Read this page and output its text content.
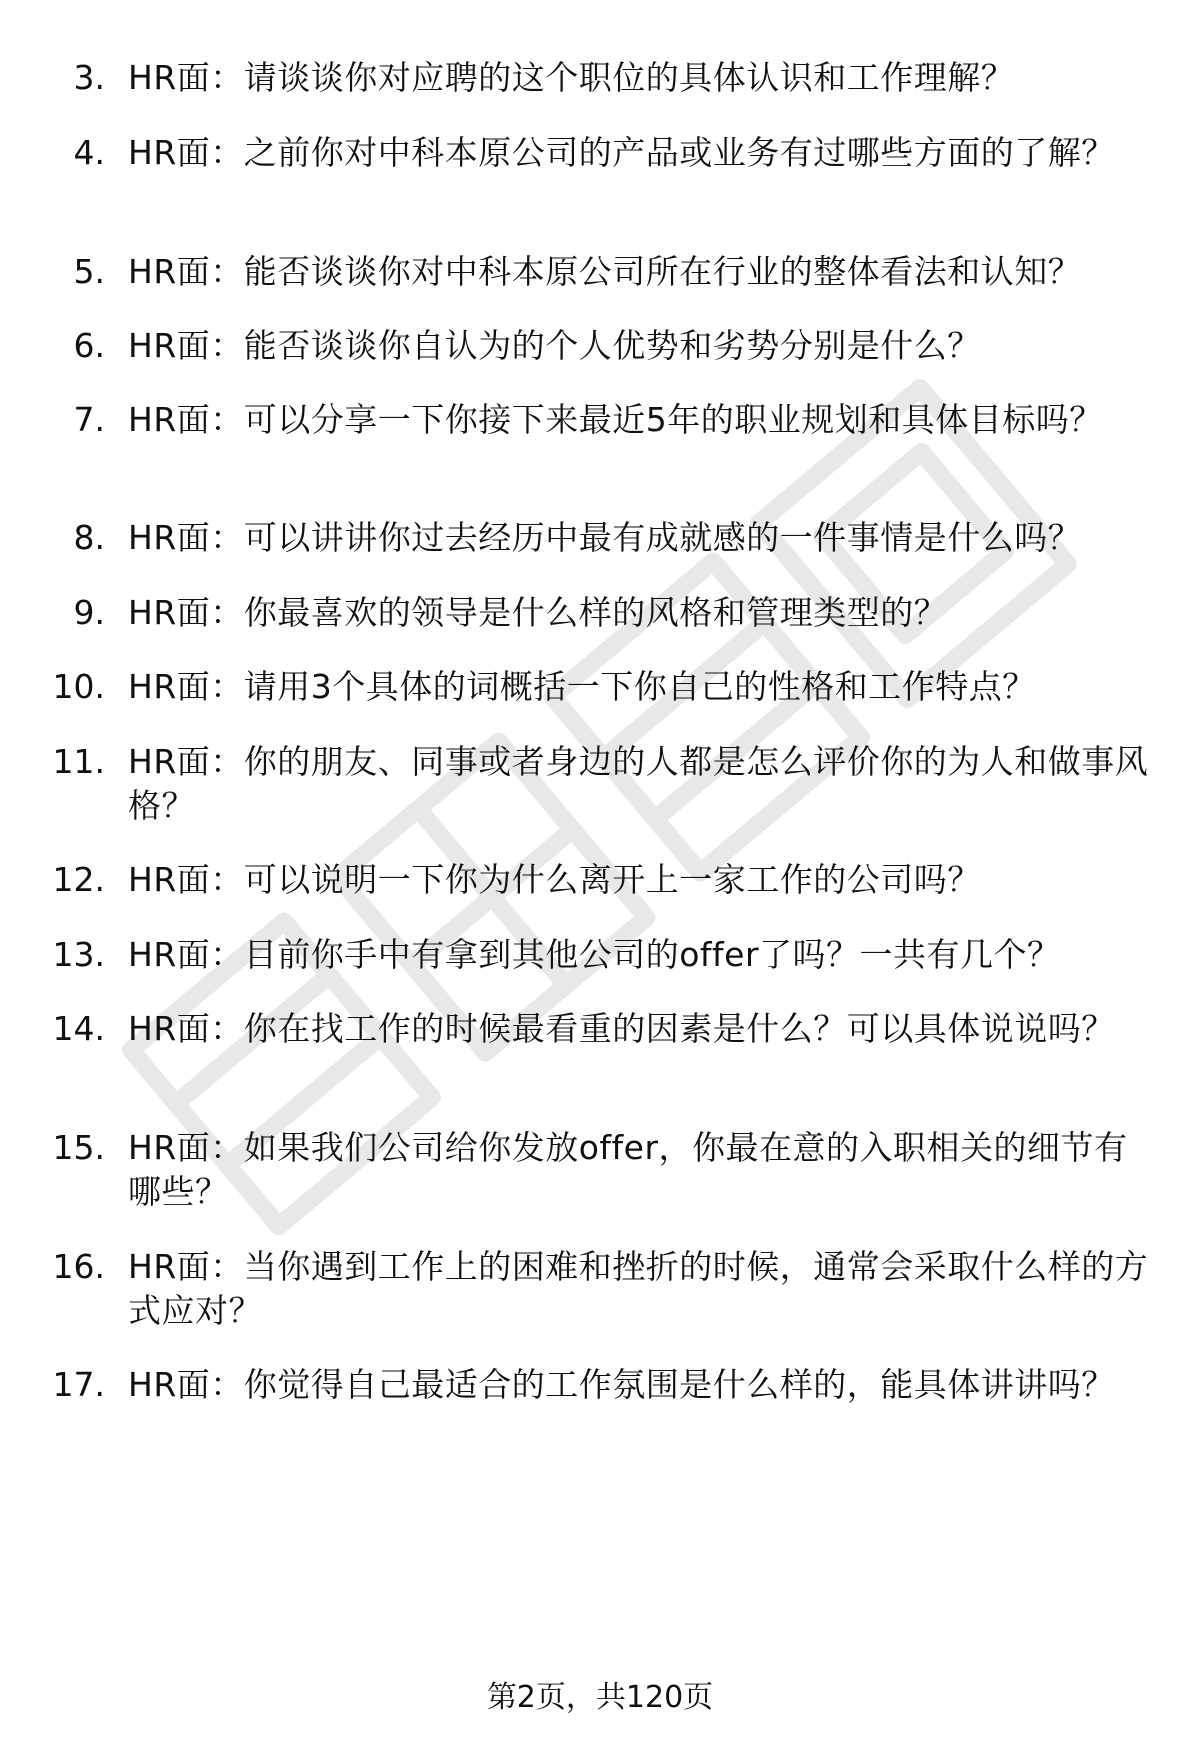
3. HR面：请谈谈你对应聘的这个职位的具体认识和工作理解？
4. HR面：之前你对中科本原公司的产品或业务有过哪些方面的了解？
5. HR面：能否谈谈你对中科本原公司所在行业的整体看法和认知？
6. HR面：能否谈谈你自认为的个人优势和劣势分别是什么？
7. HR面：可以分享一下你接下来最近5年的职业规划和具体目标吗？
8. HR面：可以讲讲你过去经历中最有成就感的一件事情是什么吗？
9. HR面：你最喜欢的领导是什么样的风格和管理类型的？
10. HR面：请用3个具体的词概括一下你自己的性格和工作特点？
11. HR面：你的朋友、同事或者身边的人都是怎么评价你的为人和做事风格？
12. HR面：可以说明一下你为什么离开上一家工作的公司吗？
13. HR面：目前你手中有拿到其他公司的offer了吗？一共有几个？
14. HR面：你在找工作的时候最看重的因素是什么？可以具体说说吗？
15. HR面：如果我们公司给你发放offer，你最在意的入职相关的细节有哪些？
16. HR面：当你遇到工作上的困难和挫折的时候，通常会采取什么样的方式应对？
17. HR面：你觉得自己最适合的工作氛围是什么样的，能具体讲讲吗？
第2页，共120页
